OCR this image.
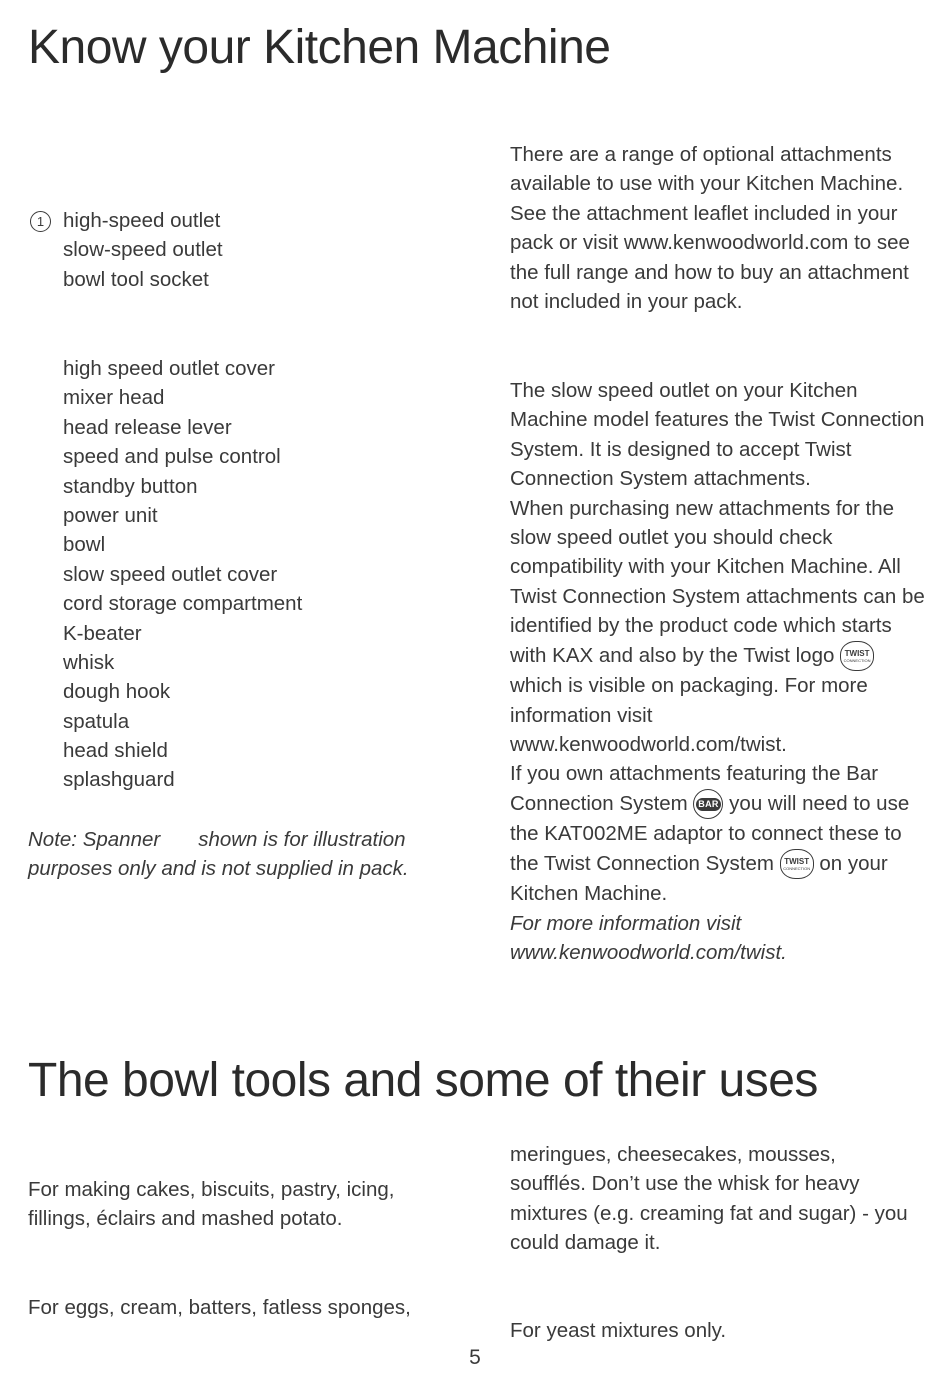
Know your Kitchen Machine
1 high-speed outlet
slow-speed outlet
bowl tool socket
high speed outlet cover
mixer head
head release lever
speed and pulse control
standby button
power unit
bowl
slow speed outlet cover
cord storage compartment
K-beater
whisk
dough hook
spatula
head shield
splashguard
Note: Spanner shown is for illustration purposes only and is not supplied in pack.
There are a range of optional attachments available to use with your Kitchen Machine. See the attachment leaflet included in your pack or visit www.kenwoodworld.com to see the full range and how to buy an attachment not included in your pack.
The slow speed outlet on your Kitchen Machine model features the Twist Connection System. It is designed to accept Twist Connection System attachments.
When purchasing new attachments for the slow speed outlet you should check compatibility with your Kitchen Machine. All Twist Connection System attachments can be identified by the product code which starts with KAX and also by the Twist logo TWIST
CONNECTION
which is visible on packaging. For more information visit www.kenwoodworld.com/twist.
If you own attachments featuring the Bar Connection System BAR you will need to use the KAT002ME adaptor to connect these to the Twist Connection System TWIST
CONNECTION on your Kitchen Machine.
For more information visit www.kenwoodworld.com/twist.
The bowl tools and some of their uses
For making cakes, biscuits, pastry, icing, fillings, éclairs and mashed potato.
For eggs, cream, batters, fatless sponges,
meringues, cheesecakes, mousses, soufflés. Don’t use the whisk for heavy mixtures (e.g. creaming fat and sugar) - you could damage it.
For yeast mixtures only.
5
